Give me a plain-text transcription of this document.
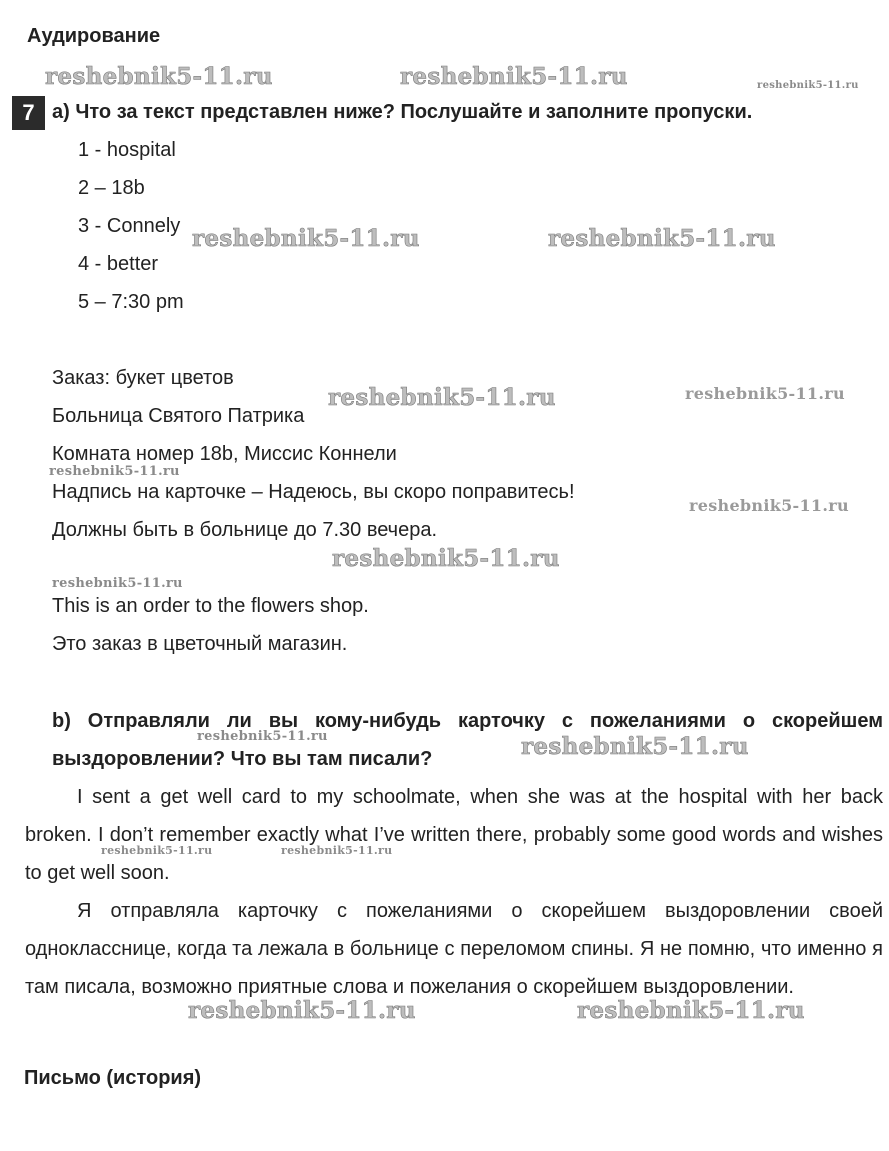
Аудирование
7 a) Что за текст представлен ниже? Послушайте и заполните пропуски.
1 - hospital
2 – 18b
3 - Connely
4 - better
5 – 7:30 pm
Заказ: букет цветов
Больница Святого Патрика
Комната номер 18b, Миссис Коннели
Надпись на карточке – Надеюсь, вы скоро поправитесь!
Должны быть в больнице до 7.30 вечера.
This is an order to the flowers shop.
Это заказ в цветочный магазин.
b) Отправляли ли вы кому-нибудь карточку с пожеланиями о скорейшем выздоровлении? Что вы там писали?

I sent a get well card to my schoolmate, when she was at the hospital with her back broken. I don’t remember exactly what I’ve written there, probably some good words and wishes to get well soon.

Я отправляла карточку с пожеланиями о скорейшем выздоровлении своей однокласснице, когда та лежала в больнице с переломом спины. Я не помню, что именно я там писала, возможно приятные слова и пожелания о скорейшем выздоровлении.

Письмо (история)
reshebnik5-11.ru	reshebnik5-11.ru	reshebnik5-11.ru
reshebnik5-11.ru	reshebnik5-11.ru
reshebnik5-11.ru	reshebnik5-11.ru
reshebnik5-11.ru
reshebnik5-11.ru
reshebnik5-11.ru
reshebnik5-11.ru
reshebnik5-11.ru	reshebnik5-11.ru
reshebnik5-11.ru	reshebnik5-11.ru
reshebnik5-11.ru	reshebnik5-11.ru
